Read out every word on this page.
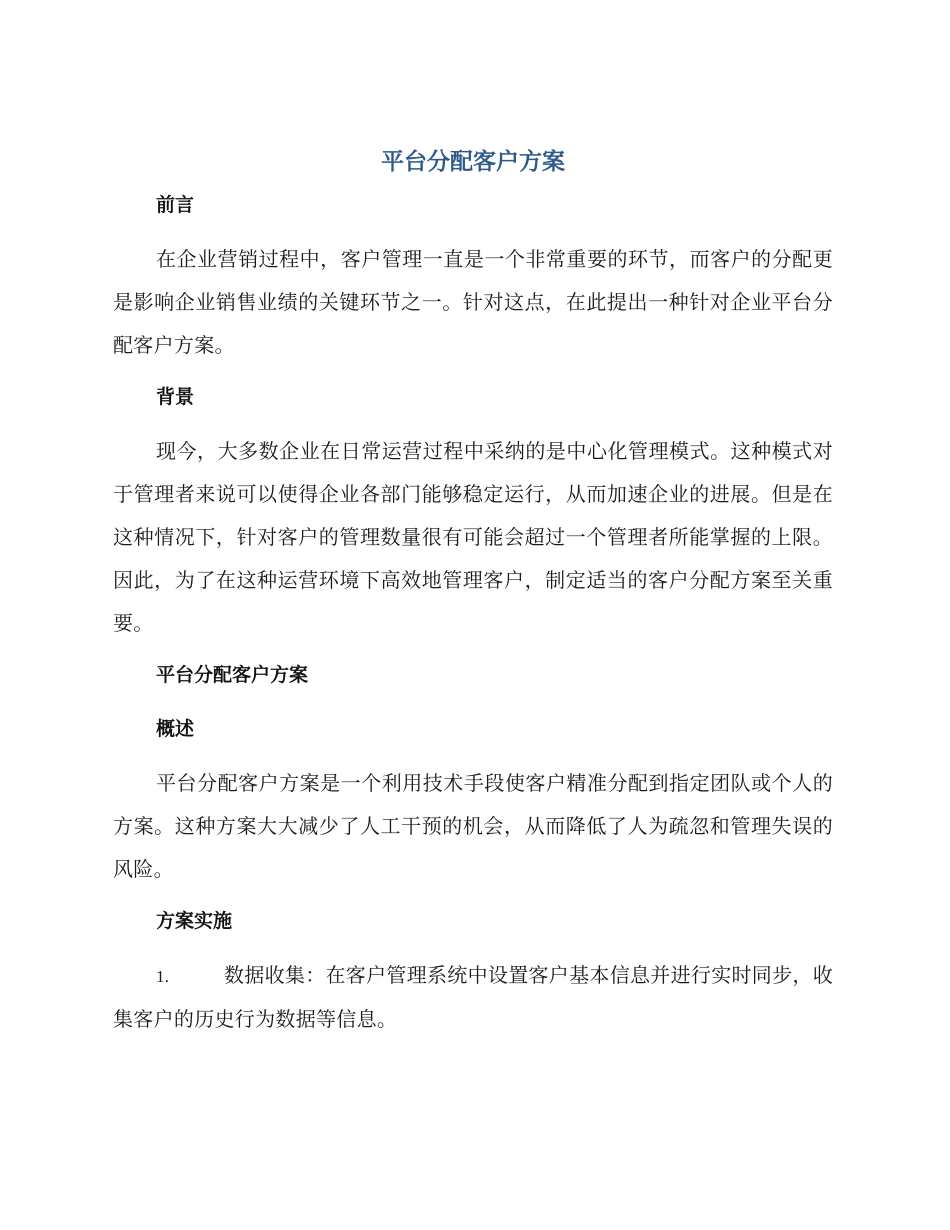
平台分配客户方案
前言

在企业营销过程中，客户管理一直是一个非常重要的环节，而客户的分配更是影响企业销售业绩的关键环节之一。针对这点，在此提出一种针对企业平台分配客户方案。

背景

现今，大多数企业在日常运营过程中采纳的是中心化管理模式。这种模式对于管理者来说可以使得企业各部门能够稳定运行，从而加速企业的进展。但是在这种情况下，针对客户的管理数量很有可能会超过一个管理者所能掌握的上限。因此，为了在这种运营环境下高效地管理客户，制定适当的客户分配方案至关重要。

平台分配客户方案
概述

平台分配客户方案是一个利用技术手段使客户精准分配到指定团队或个人的方案。这种方案大大减少了人工干预的机会，从而降低了人为疏忽和管理失误的风险。

方案实施

1.	数据收集：在客户管理系统中设置客户基本信息并进行实时同步，收集客户的历史行为数据等信息。
